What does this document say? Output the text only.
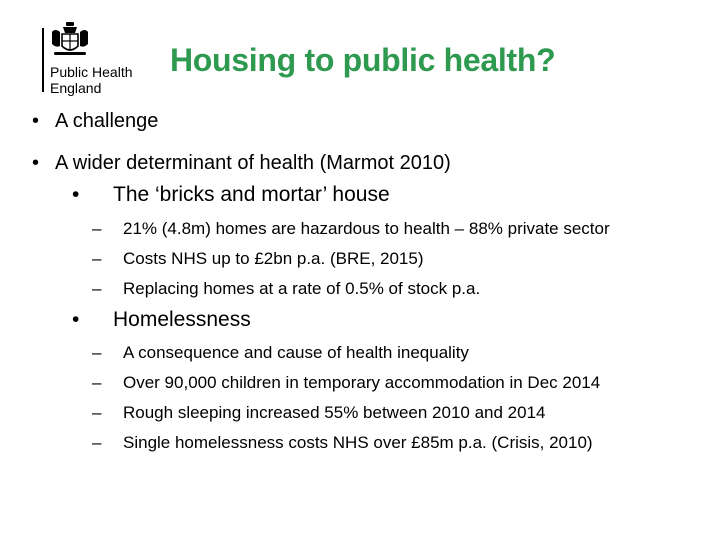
Public Health
England
Housing to public health?
• A challenge
• A wider determinant of health (Marmot 2010)
• The ‘bricks and mortar’ house
– 21% (4.8m) homes are hazardous to health – 88% private sector
– Costs NHS up to £2bn p.a. (BRE, 2015)
– Replacing homes at a rate of 0.5% of stock p.a.
• Homelessness
– A consequence and cause of health inequality
– Over 90,000 children in temporary accommodation in Dec 2014
– Rough sleeping increased 55% between 2010 and 2014
– Single homelessness costs NHS over £85m p.a. (Crisis, 2010)
